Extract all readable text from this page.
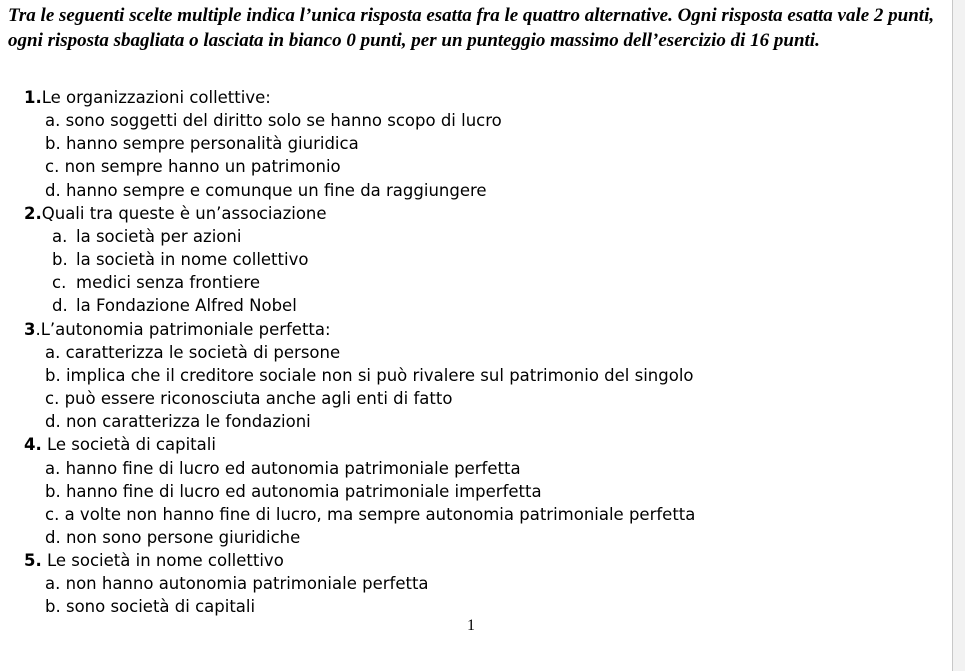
Tra le seguenti scelte multiple indica l’unica risposta esatta fra le quattro alternative. Ogni risposta esatta vale 2 punti, ogni risposta sbagliata o lasciata in bianco 0 punti, per un punteggio massimo dell’esercizio di 16 punti.

1.Le organizzazioni collettive:
a. sono soggetti del diritto solo se hanno scopo di lucro
b. hanno sempre personalità giuridica
c. non sempre hanno un patrimonio
d. hanno sempre e comunque un fine da raggiungere
2.Quali tra queste è un’associazione
a. la società per azioni
b. la società in nome collettivo
c. medici senza frontiere
d. la Fondazione Alfred Nobel
3.L’autonomia patrimoniale perfetta:
a. caratterizza le società di persone
b. implica che il creditore sociale non si può rivalere sul patrimonio del singolo
c. può essere riconosciuta anche agli enti di fatto
d. non caratterizza le fondazioni
4. Le società di capitali
a. hanno fine di lucro ed autonomia patrimoniale perfetta
b. hanno fine di lucro ed autonomia patrimoniale imperfetta
c. a volte non hanno fine di lucro, ma sempre autonomia patrimoniale perfetta
d. non sono persone giuridiche
5. Le società in nome collettivo
a. non hanno autonomia patrimoniale perfetta
b. sono società di capitali
1
